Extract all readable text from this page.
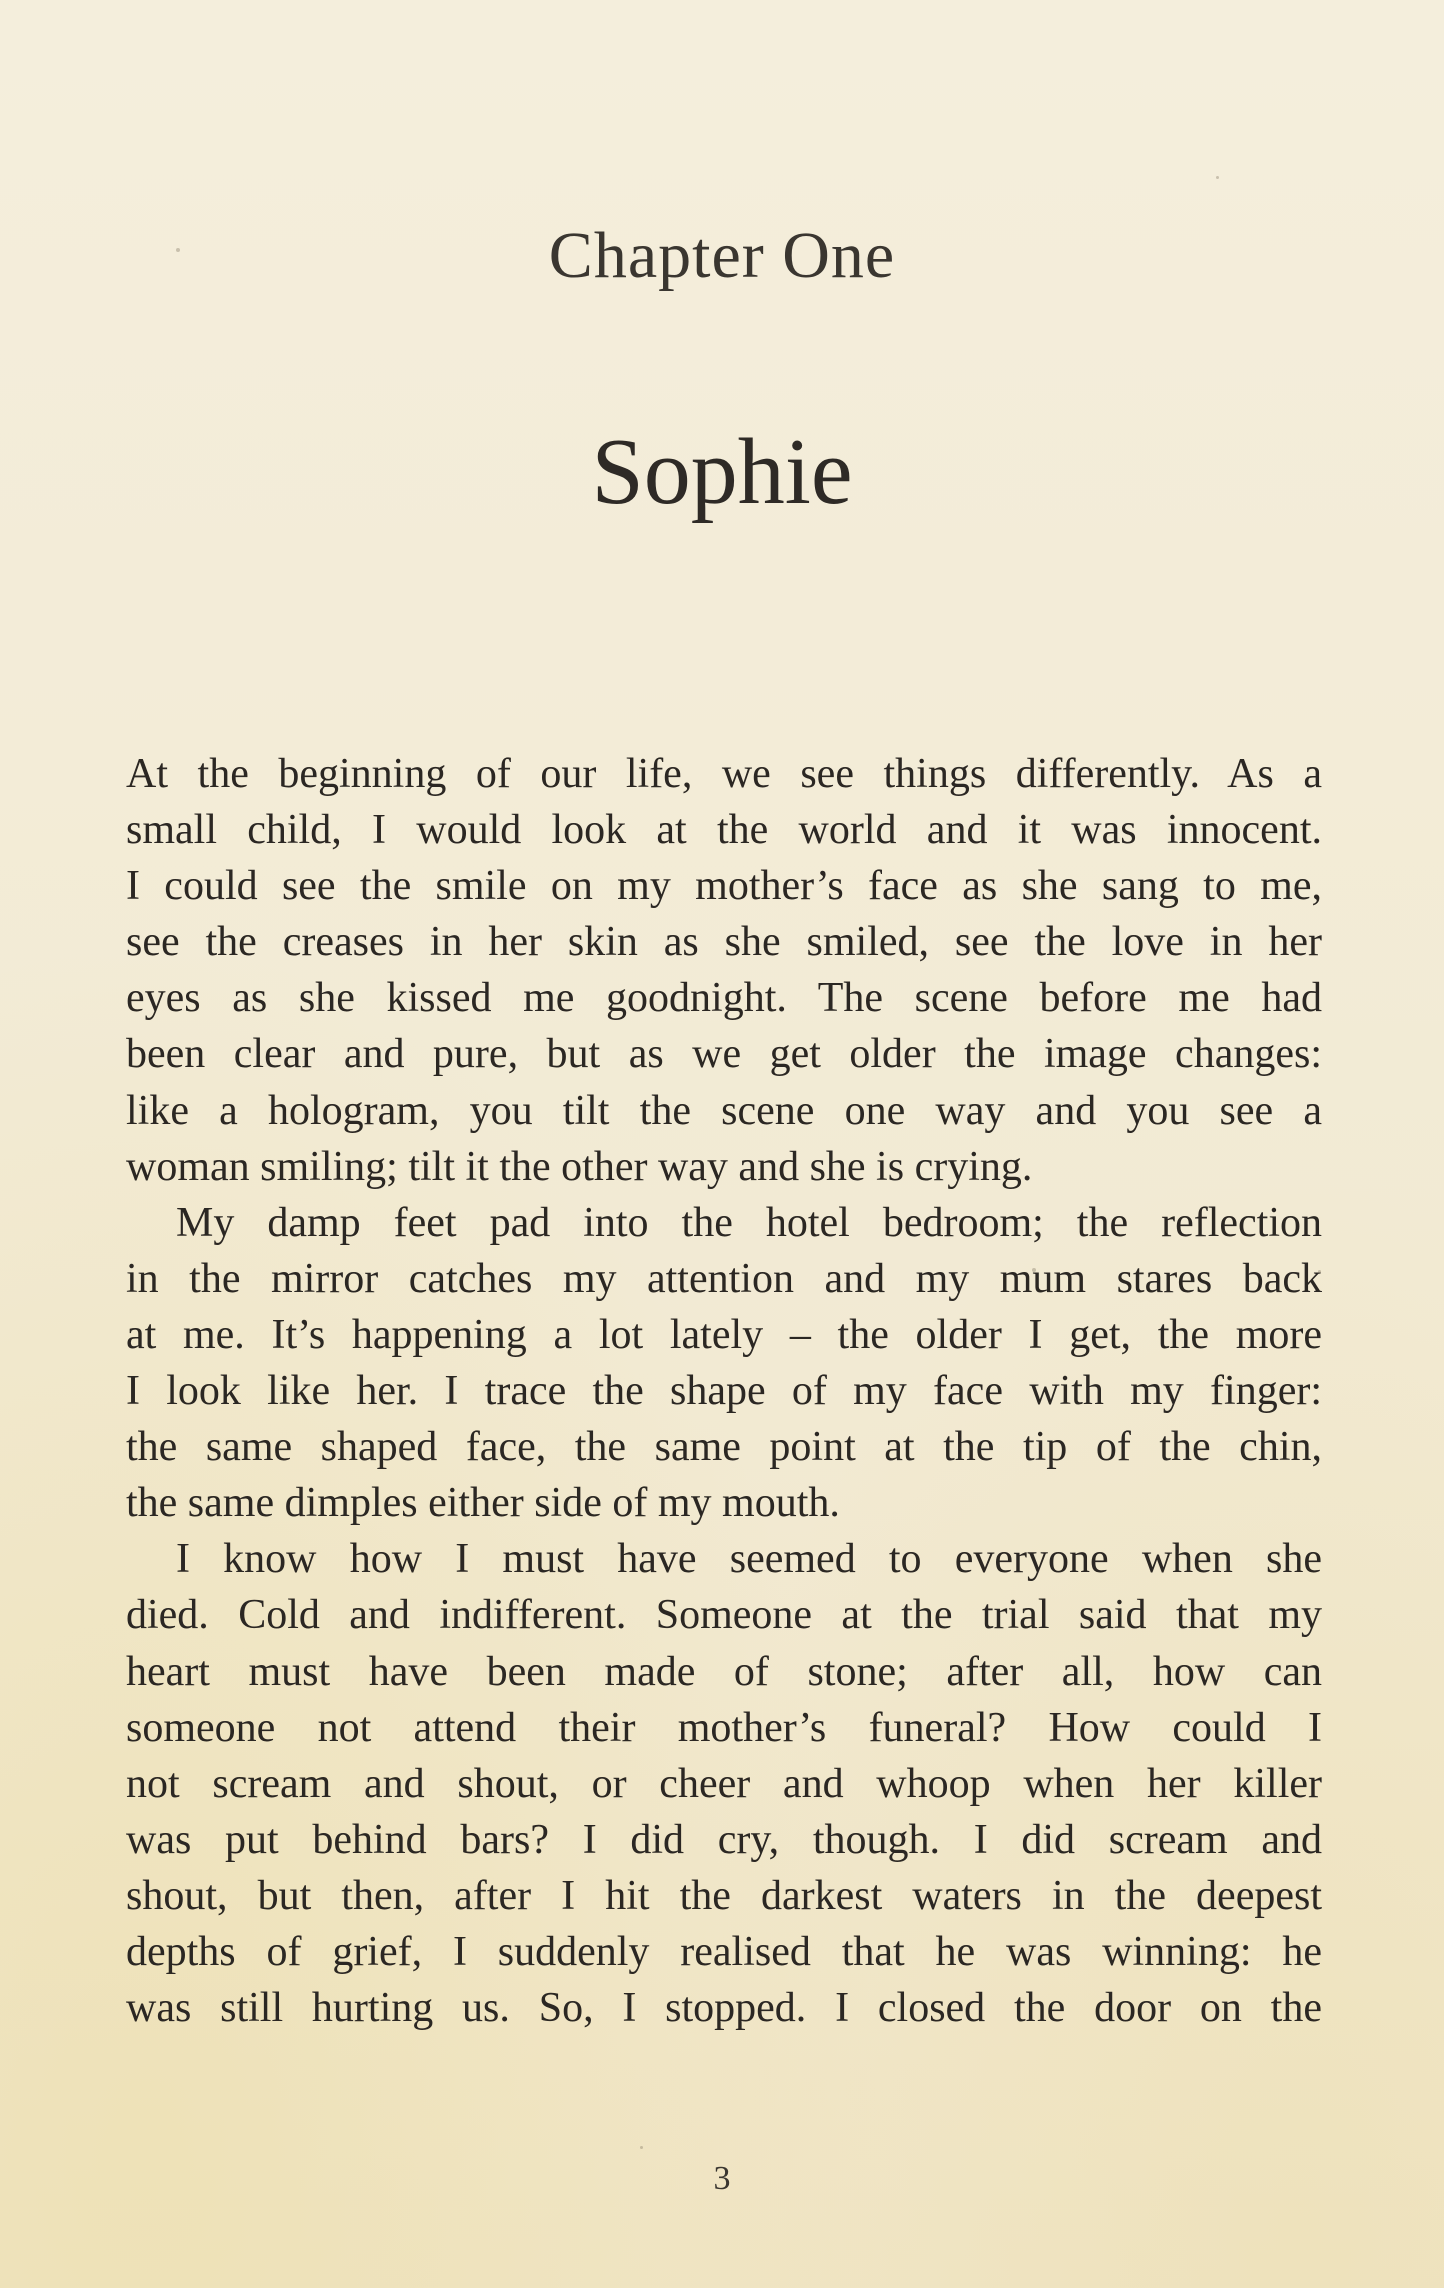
Chapter One
Sophie
At the beginning of our life, we see things differently. As a
small child, I would look at the world and it was innocent.
I could see the smile on my mother’s face as she sang to me,
see the creases in her skin as she smiled, see the love in her
eyes as she kissed me goodnight. The scene before me had
been clear and pure, but as we get older the image changes:
like a hologram, you tilt the scene one way and you see a
woman smiling; tilt it the other way and she is crying.
My damp feet pad into the hotel bedroom; the reflection
in the mirror catches my attention and my mum stares back
at me. It’s happening a lot lately – the older I get, the more
I look like her. I trace the shape of my face with my finger:
the same shaped face, the same point at the tip of the chin,
the same dimples either side of my mouth.
I know how I must have seemed to everyone when she
died. Cold and indifferent. Someone at the trial said that my
heart must have been made of stone; after all, how can
someone not attend their mother’s funeral? How could I
not scream and shout, or cheer and whoop when her killer
was put behind bars? I did cry, though. I did scream and
shout, but then, after I hit the darkest waters in the deepest
depths of grief, I suddenly realised that he was winning: he
was still hurting us. So, I stopped. I closed the door on the
3
